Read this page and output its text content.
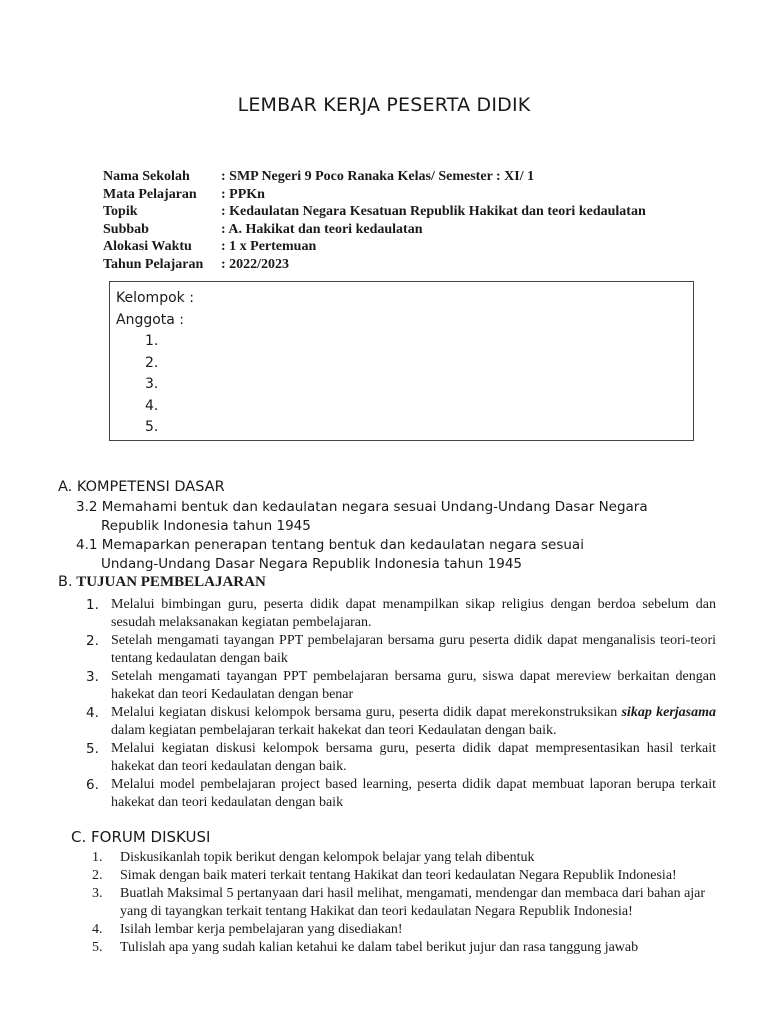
LEMBAR KERJA PESERTA DIDIK
Nama Sekolah : SMP Negeri 9 Poco Ranaka Kelas/ Semester : XI/ 1
Mata Pelajaran : PPKn
Topik	: Kedaulatan Negara Kesatuan Republik Hakikat dan teori kedaulatan
Subbab	: A. Hakikat dan teori kedaulatan
Alokasi Waktu : 1 x Pertemuan
Tahun Pelajaran : 2022/2023
Kelompok :
Anggota :
1.
2.
3.
4.
5.
A. KOMPETENSI DASAR
3.2 Memahami bentuk dan kedaulatan negara sesuai Undang-Undang Dasar Negara
Republik Indonesia tahun 1945
4.1 Memaparkan penerapan tentang bentuk dan kedaulatan negara sesuai
Undang-Undang Dasar Negara Republik Indonesia tahun 1945
B. TUJUAN PEMBELAJARAN
1. Melalui bimbingan guru, peserta didik dapat menampilkan sikap religius dengan berdoa sebelum dan sesudah melaksanakan kegiatan pembelajaran.
2. Setelah mengamati tayangan PPT pembelajaran bersama guru peserta didik dapat menganalisis teori-teori tentang kedaulatan dengan baik
3. Setelah mengamati tayangan PPT pembelajaran bersama guru, siswa dapat mereview berkaitan dengan hakekat dan teori Kedaulatan dengan benar
4. Melalui kegiatan diskusi kelompok bersama guru, peserta didik dapat merekonstruksikan sikap kerjasama dalam kegiatan pembelajaran terkait hakekat dan teori Kedaulatan dengan baik.
5. Melalui kegiatan diskusi kelompok bersama guru, peserta didik dapat mempresentasikan hasil terkait hakekat dan teori kedaulatan dengan baik.
6. Melalui model pembelajaran project based learning, peserta didik dapat membuat laporan berupa terkait hakekat dan teori kedaulatan dengan baik
C. FORUM DISKUSI
1. Diskusikanlah topik berikut dengan kelompok belajar yang telah dibentuk
2. Simak dengan baik materi terkait tentang Hakikat dan teori kedaulatan Negara Republik Indonesia!
3. Buatlah Maksimal 5 pertanyaan dari hasil melihat, mengamati, mendengar dan membaca dari bahan ajar yang di tayangkan terkait tentang Hakikat dan teori kedaulatan Negara Republik Indonesia!
4. Isilah lembar kerja pembelajaran yang disediakan!
5. Tulislah apa yang sudah kalian ketahui ke dalam tabel berikut jujur dan rasa tanggung jawab
